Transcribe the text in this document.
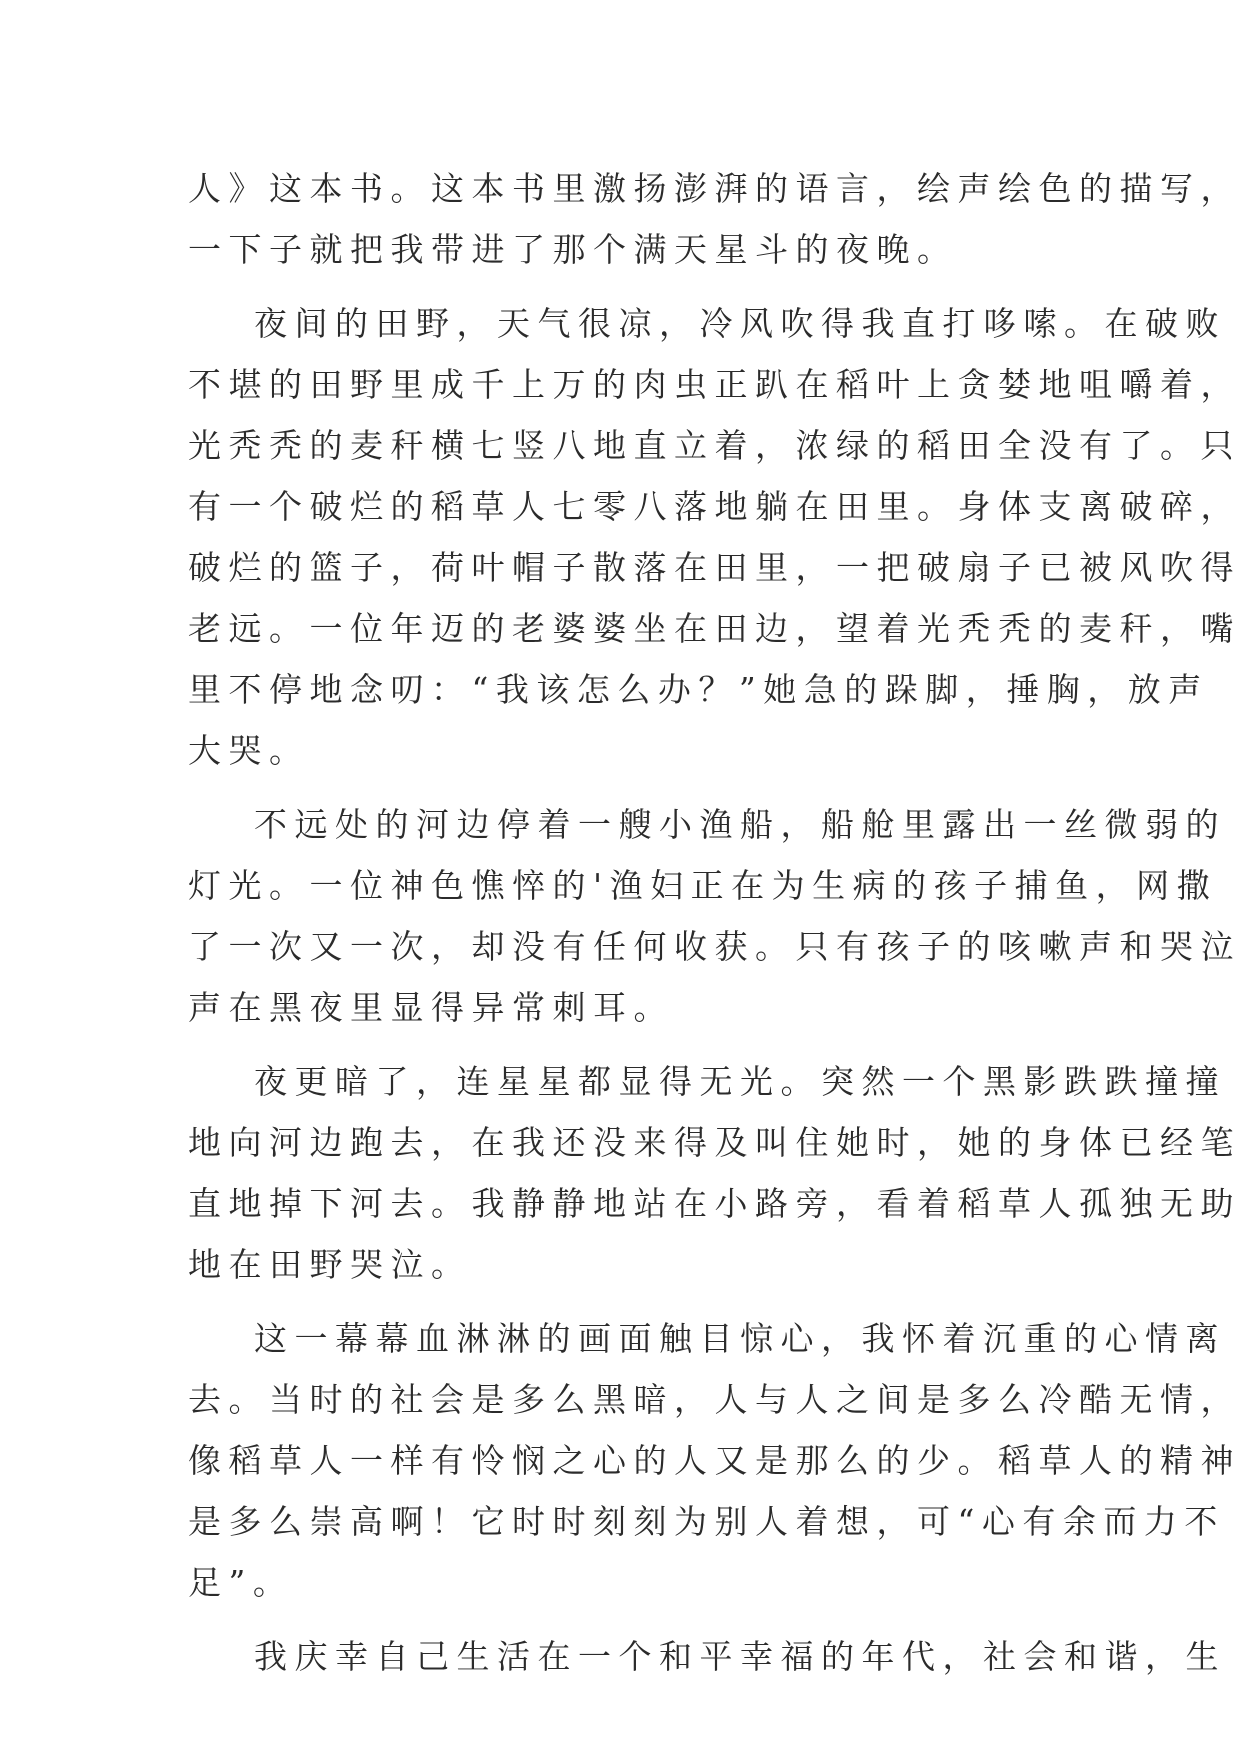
人》这本书。这本书里激扬澎湃的语言，绘声绘色的描写，
一下子就把我带进了那个满天星斗的夜晚。
夜间的田野，天气很凉，冷风吹得我直打哆嗦。在破败
不堪的田野里成千上万的肉虫正趴在稻叶上贪婪地咀嚼着，
光秃秃的麦秆横七竖八地直立着，浓绿的稻田全没有了。只
有一个破烂的稻草人七零八落地躺在田里。身体支离破碎，
破烂的篮子，荷叶帽子散落在田里，一把破扇子已被风吹得
老远。一位年迈的老婆婆坐在田边，望着光秃秃的麦秆，嘴
里不停地念叨：“我该怎么办？”她急的跺脚，捶胸，放声
大哭。
不远处的河边停着一艘小渔船，船舱里露出一丝微弱的
灯光。一位神色憔悴的'渔妇正在为生病的孩子捕鱼，网撒
了一次又一次，却没有任何收获。只有孩子的咳嗽声和哭泣
声在黑夜里显得异常刺耳。
夜更暗了，连星星都显得无光。突然一个黑影跌跌撞撞
地向河边跑去，在我还没来得及叫住她时，她的身体已经笔
直地掉下河去。我静静地站在小路旁，看着稻草人孤独无助
地在田野哭泣。
这一幕幕血淋淋的画面触目惊心，我怀着沉重的心情离
去。当时的社会是多么黑暗，人与人之间是多么冷酷无情，
像稻草人一样有怜悯之心的人又是那么的少。稻草人的精神
是多么崇高啊！它时时刻刻为别人着想，可“心有余而力不
足”。
我庆幸自己生活在一个和平幸福的年代，社会和谐，生
